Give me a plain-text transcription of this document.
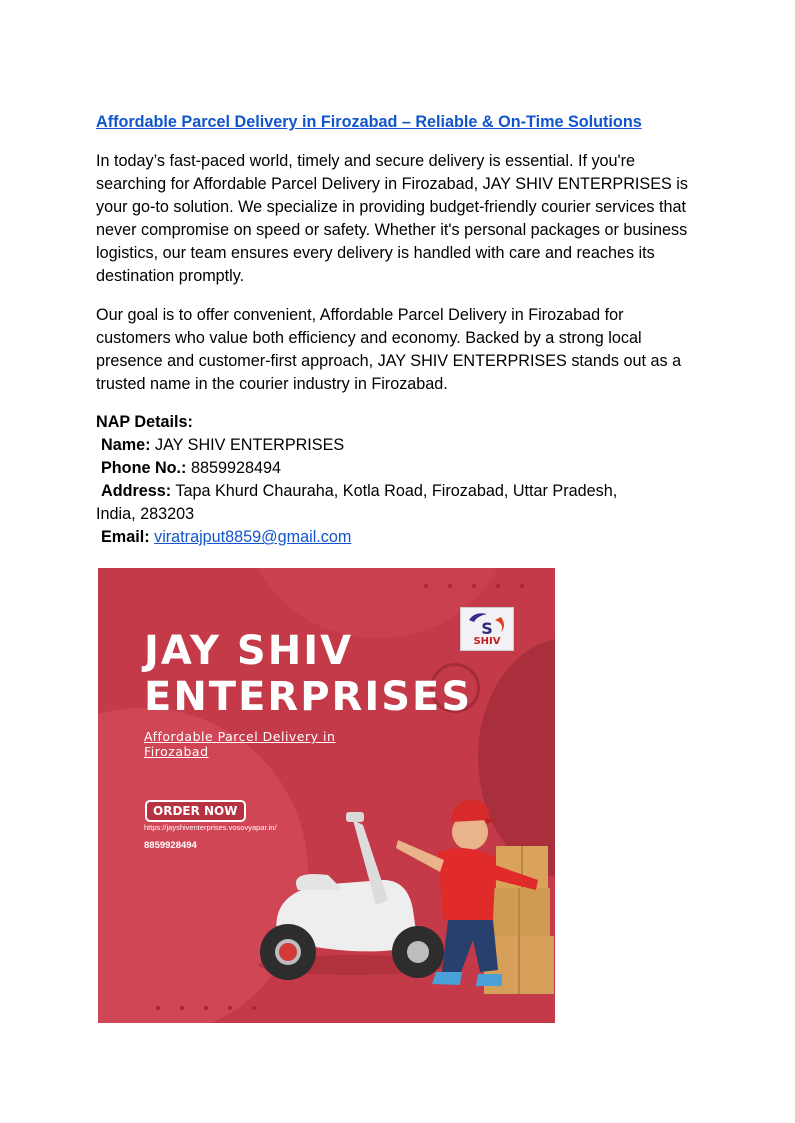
Affordable Parcel Delivery in Firozabad – Reliable & On-Time Solutions

In today’s fast-paced world, timely and secure delivery is essential. If you're searching for Affordable Parcel Delivery in Firozabad, JAY SHIV ENTERPRISES is your go-to solution. We specialize in providing budget-friendly courier services that never compromise on speed or safety. Whether it's personal packages or business logistics, our team ensures every delivery is handled with care and reaches its destination promptly.

Our goal is to offer convenient, Affordable Parcel Delivery in Firozabad for customers who value both efficiency and economy. Backed by a strong local presence and customer-first approach, JAY SHIV ENTERPRISES stands out as a trusted name in the courier industry in Firozabad.

NAP Details:
Name: JAY SHIV ENTERPRISES
Phone No.: 8859928494
Address: Tapa Khurd Chauraha, Kotla Road, Firozabad, Uttar Pradesh,
India, 283203
Email: viratrajput8859@gmail.com
S
SHIV
JAY SHIV
ENTERPRISES
Affordable Parcel Delivery in Firozabad
ORDER NOW
https://jayshiventerprises.vosovyapar.in/
8859928494
